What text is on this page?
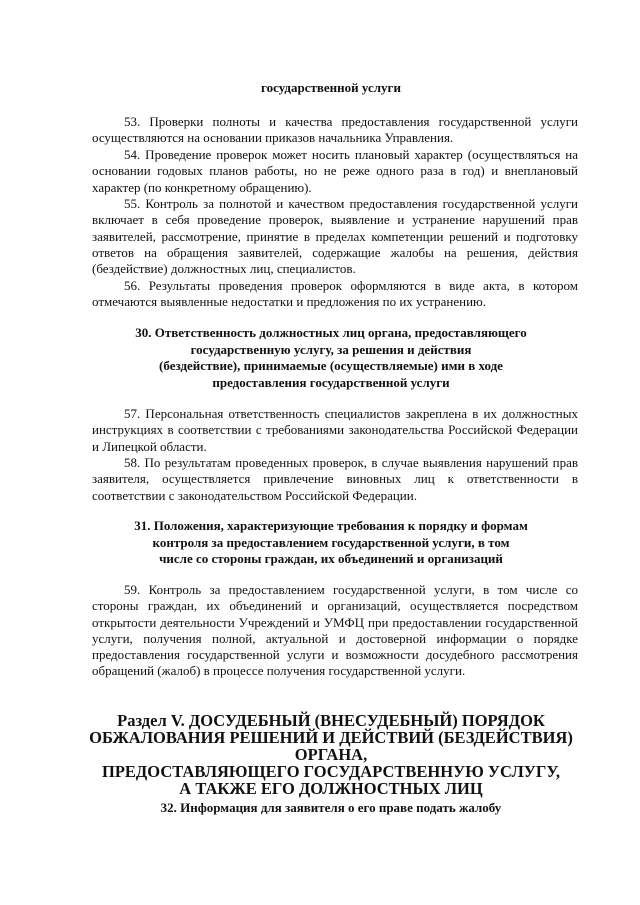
государственной услуги
53. Проверки полноты и качества предоставления государственной услуги осуществляются на основании приказов начальника Управления.
54. Проведение проверок может носить плановый характер (осуществляться на основании годовых планов работы, но не реже одного раза в год) и внеплановый характер (по конкретному обращению).
55. Контроль за полнотой и качеством предоставления государственной услуги включает в себя проведение проверок, выявление и устранение нарушений прав заявителей, рассмотрение, принятие в пределах компетенции решений и подготовку ответов на обращения заявителей, содержащие жалобы на решения, действия (бездействие) должностных лиц, специалистов.
56. Результаты проведения проверок оформляются в виде акта, в котором отмечаются выявленные недостатки и предложения по их устранению.
30. Ответственность должностных лиц органа, предоставляющего
государственную услугу, за решения и действия
(бездействие), принимаемые (осуществляемые) ими в ходе
предоставления государственной услуги
57. Персональная ответственность специалистов закреплена в их должностных инструкциях в соответствии с требованиями законодательства Российской Федерации и Липецкой области.
58. По результатам проведенных проверок, в случае выявления нарушений прав заявителя, осуществляется привлечение виновных лиц к ответственности в соответствии с законодательством Российской Федерации.
31. Положения, характеризующие требования к порядку и формам
контроля за предоставлением государственной услуги, в том
числе со стороны граждан, их объединений и организаций
59. Контроль за предоставлением государственной услуги, в том числе со стороны граждан, их объединений и организаций, осуществляется посредством открытости деятельности Учреждений и УМФЦ при предоставлении государственной услуги, получения полной, актуальной и достоверной информации о порядке предоставления государственной услуги и возможности досудебного рассмотрения обращений (жалоб) в процессе получения государственной услуги.
Раздел V. ДОСУДЕБНЫЙ (ВНЕСУДЕБНЫЙ) ПОРЯДОК
ОБЖАЛОВАНИЯ РЕШЕНИЙ И ДЕЙСТВИЙ (БЕЗДЕЙСТВИЯ) ОРГАНА,
ПРЕДОСТАВЛЯЮЩЕГО ГОСУДАРСТВЕННУЮ УСЛУГУ,
А ТАКЖЕ ЕГО ДОЛЖНОСТНЫХ ЛИЦ
32. Информация для заявителя о его праве подать жалобу
